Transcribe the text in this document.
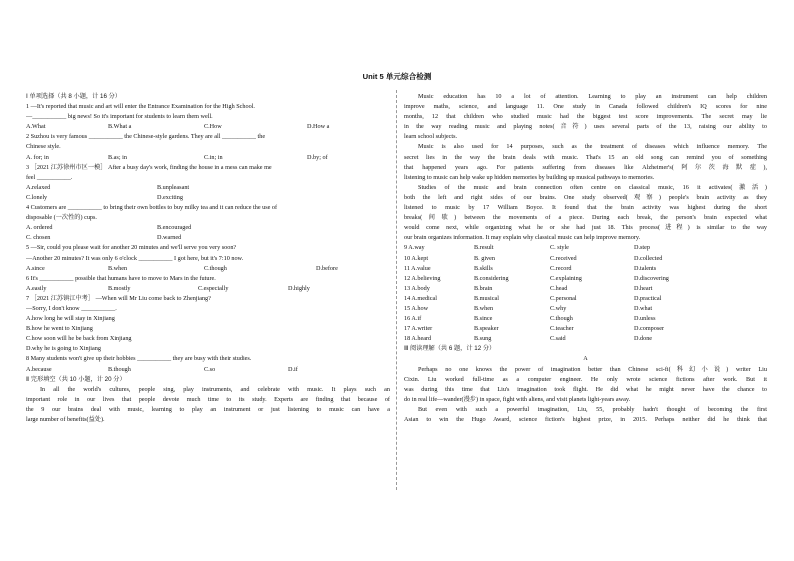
Unit 5 单元综合检测
Ⅰ 单项选择（共 8 小题，计 16 分）
1 —It's reported that music and art will enter the Entrance Examination for the High School.
—___________ big news! So it's important for students to learn them well.
A.What	B.What a	C.How	D.How a
2 Suzhou is very famous ___________ the Chinese-style gardens. They are all ___________ the
Chinese style.
A. for; in	B.as; in	C.in; in	D.by; of
3 ［2021 江苏徐州市区一模］ After a busy day's work, finding the house in a mess can make me
feel ___________.
A.relaxed	B.unpleasant
C.lonely	D.exciting
4 Customers are ___________ to bring their own bottles to buy milky tea and it can reduce the use of
disposable (一次性的) cups.
A. ordered	B.encouraged
C. chosen	D.warned
5 —Sir, could you please wait for another 20 minutes and we'll serve you very soon?
—Another 20 minutes? It was only 6 o'clock ___________ I got here, but it's 7:10 now.
A.since	B.when	C.though	D.before
6 It's ___________ possible that humans have to move to Mars in the future.
A.easily	B.mostly	C.especially	D.highly
7 ［2021 江苏镇江中考］ —When will Mr Liu come back to Zhenjiang?
—Sorry, I don't know ___________.
A.how long he will stay in Xinjiang
B.how he went to Xinjiang
C.how soon will he be back from Xinjiang
D.why he is going to Xinjiang
8 Many students won't give up their hobbies ___________ they are busy with their studies.
A.because	B.though	C.so	D.if
Ⅱ 完形填空（共 10 小题，计 20 分）
In all the world's cultures, people sing, play instruments, and celebrate with music. It plays such an
important role in our lives that people devote much time to its study. Experts are finding that because of
the 9 our brains deal with music, learning to play an instrument or just listening to music can have a
large number of benefits(益处).
Music education has 10 a lot of attention. Learning to play an instrument can help children
improve maths, science, and language 11. One study in Canada followed children's IQ scores for nine
months, 12 that children who studied music had the biggest test score improvements. The secret may lie
in the way reading music and playing notes(音符) uses several parts of the 13, raising our ability to
learn school subjects.
Music is also used for 14 purposes, such as the treatment of diseases which influence memory. The
secret lies in the way the brain deals with music. That's 15 an old song can remind you of something
that happened years ago. For patients suffering from diseases like Alzheimer's(阿尔茨海默症),
listening to music can help wake up hidden memories by building up musical pathways to memories.
Studies of the music and brain connection often centre on classical music, 16 it activates(激活)
both the left and right sides of our brains. One study observed(观察) people's brain activity as they
listened to music by 17 William Boyce. It found that the brain activity was highest during the short
breaks(间歇) between the movements of a piece. During each break, the person's brain expected what
would come next, while organizing what he or she had just 18. This process(进程) is similar to the way
our brain organizes information. It may explain why classical music can help improve memory.
9 A.way	B.result	C. style	D.step
10 A.kept	B. given	C.received	D.collected
11 A.value	B.skills	C.record	D.talents
12 A.believing	B.considering	C.explaining	D.discovering
13 A.body	B.brain	C.head	D.heart
14 A.medical	B.musical	C.personal	D.practical
15 A.how	B.when	C.why	D.what
16 A.if	B.since	C.though	D.unless
17 A.writer	B.speaker	C.teacher	D.composer
18 A.heard	B.sung	C.said	D.done
Ⅲ 阅读理解（共 6 题，计 12 分）
A
Perhaps no one knows the power of imagination better than Chinese sci-fi(科幻小说) writer Liu
Cixin. Liu worked full-time as a computer engineer. He only wrote science fictions after work. But it
was during this time that Liu's imagination took flight. He did what he might never have the chance to
do in real life—wander(漫步) in space, fight with aliens, and visit planets light-years away.
But even with such a powerful imagination, Liu, 55, probably hadn't thought of becoming the first
Asian to win the Hugo Award, science fiction's highest prize, in 2015. Perhaps neither did he think that
